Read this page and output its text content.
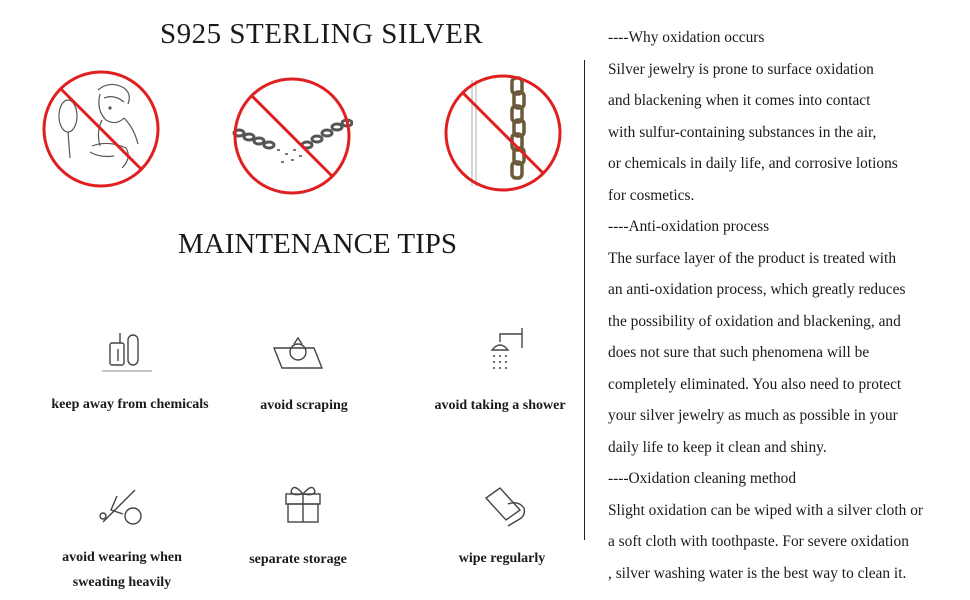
S925 STERLING SILVER
MAINTENANCE TIPS
keep away from chemicals	avoid scraping	avoid taking a shower
avoid wearing when
sweating heavily
separate storage	wipe regularly
----Why oxidation occurs
Silver jewelry is prone to surface oxidation
and blackening when it comes into contact
with sulfur-containing substances in the air,
or chemicals in daily life, and corrosive lotions
for cosmetics.
----Anti-oxidation process
The surface layer of the product is treated with
an anti-oxidation process, which greatly reduces
the possibility of oxidation and blackening, and
does not sure that such phenomena will be
completely eliminated. You also need to protect
your silver jewelry as much as possible in your
daily life to keep it clean and shiny.
----Oxidation cleaning method
Slight oxidation can be wiped with a silver cloth or
a soft cloth with toothpaste. For severe oxidation
, silver washing water is the best way to clean it.
